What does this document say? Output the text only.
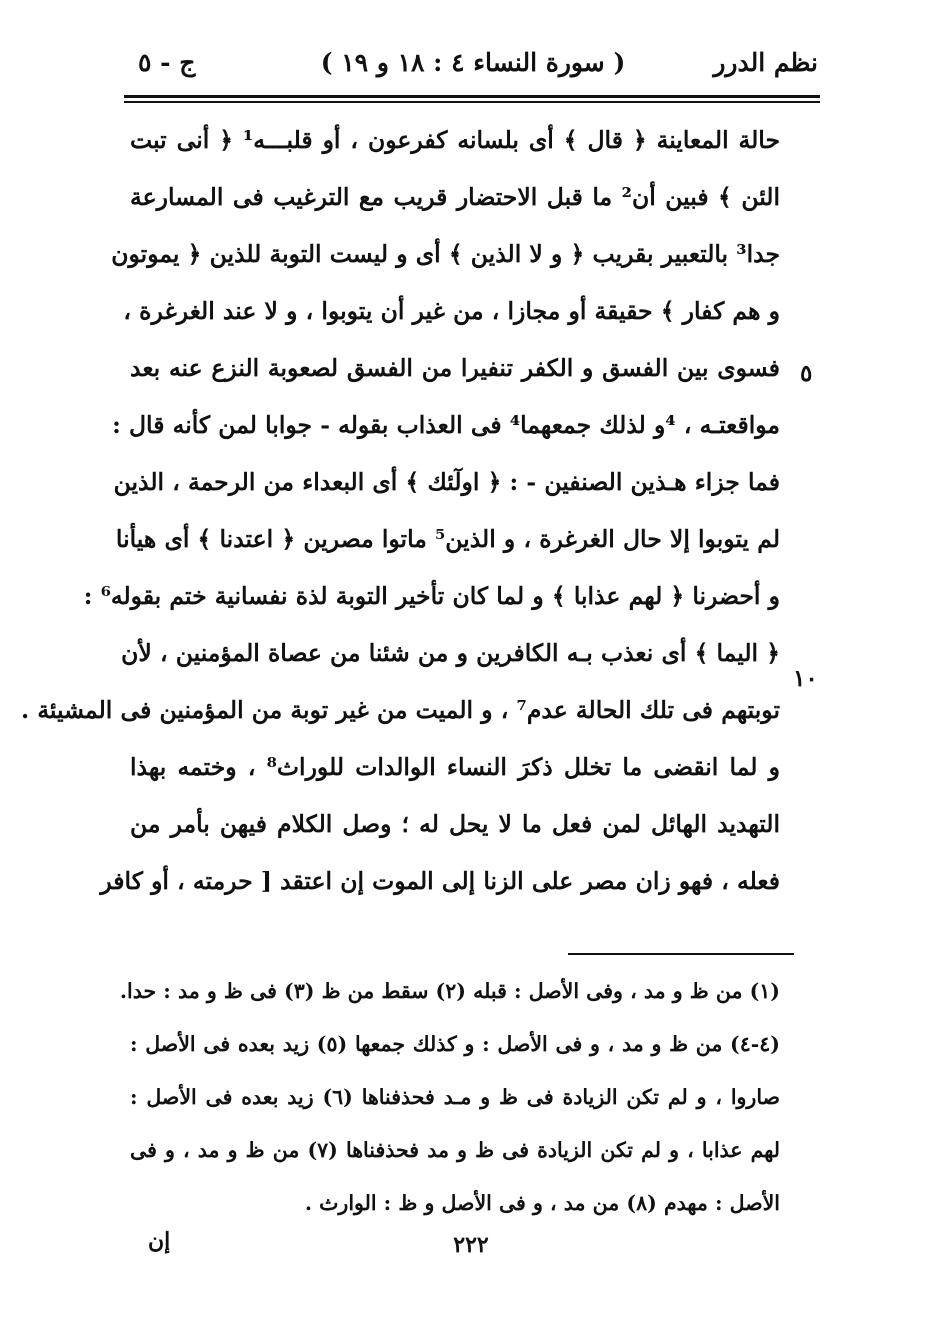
نظم الدرر
( سورة النساء ٤ : ١٨ و ١٩ )
ج - ٥
حالة المعاينة ﴿ قال ﴾ أى بلسانه كفرعون ، أو قلبـــه¹ ﴿ أنى تبت
الئن ﴾ فبين أن² ما قبل الاحتضار قريب مع الترغيب فى المسارعة
جدا³ بالتعبير بقريب ﴿ و لا الذين ﴾ أى و ليست التوبة للذين ﴿ يموتون
و هم كفار ﴾ حقيقة أو مجازا ، من غير أن يتوبوا ، و لا عند الغرغرة ،
فسوى بين الفسق و الكفر تنفيرا من الفسق لصعوبة النزع عنه بعد
مواقعتـه ، ⁴و لذلك جمعهما⁴ فى العذاب بقوله - جوابا لمن كأنه قال :
فما جزاء هـذين الصنفين - : ﴿ اولٓئك ﴾ أى البعداء من الرحمة ، الذين
لم يتوبوا إلا حال الغرغرة ، و الذين⁵ ماتوا مصرين ﴿ اعتدنا ﴾ أى هيأنا
و أحضرنا ﴿ لهم عذابا ﴾ و لما كان تأخير التوبة لذة نفسانية ختم بقوله⁶ :
﴿ اليما ﴾ أى نعذب بـه الكافرين و من شئنا من عصاة المؤمنين ، لأن
توبتهم فى تلك الحالة عدم⁷ ، و الميت من غير توبة من المؤمنين فى المشيئة .
و لما انقضى ما تخلل ذكرَ النساء الوالدات للوراث⁸ ، وختمه بهذا
التهديد الهائل لمن فعل ما لا يحل له ؛ وصل الكلام فيهن بأمر من
فعله ، فهو زان مصر على الزنا إلى الموت إن اعتقد [ حرمته ، أو كافر
٥
١٠
(١) من ظ و مد ، وفى الأصل : قبله (٢) سقط من ظ (٣) فى ظ و مد : حدا.
(٤-٤) من ظ و مد ، و فى الأصل : و كذلك جمعها (٥) زيد بعده فى الأصل :
صاروا ، و لم تكن الزيادة فى ظ و مـد فحذفناها (٦) زيد بعده فى الأصل :
لهم عذابا ، و لم تكن الزيادة فى ظ و مد فحذفناها (٧) من ظ و مد ، و فى
الأصل : مهدم (٨) من مد ، و فى الأصل و ظ : الوارث .
٢٢٢
إن
